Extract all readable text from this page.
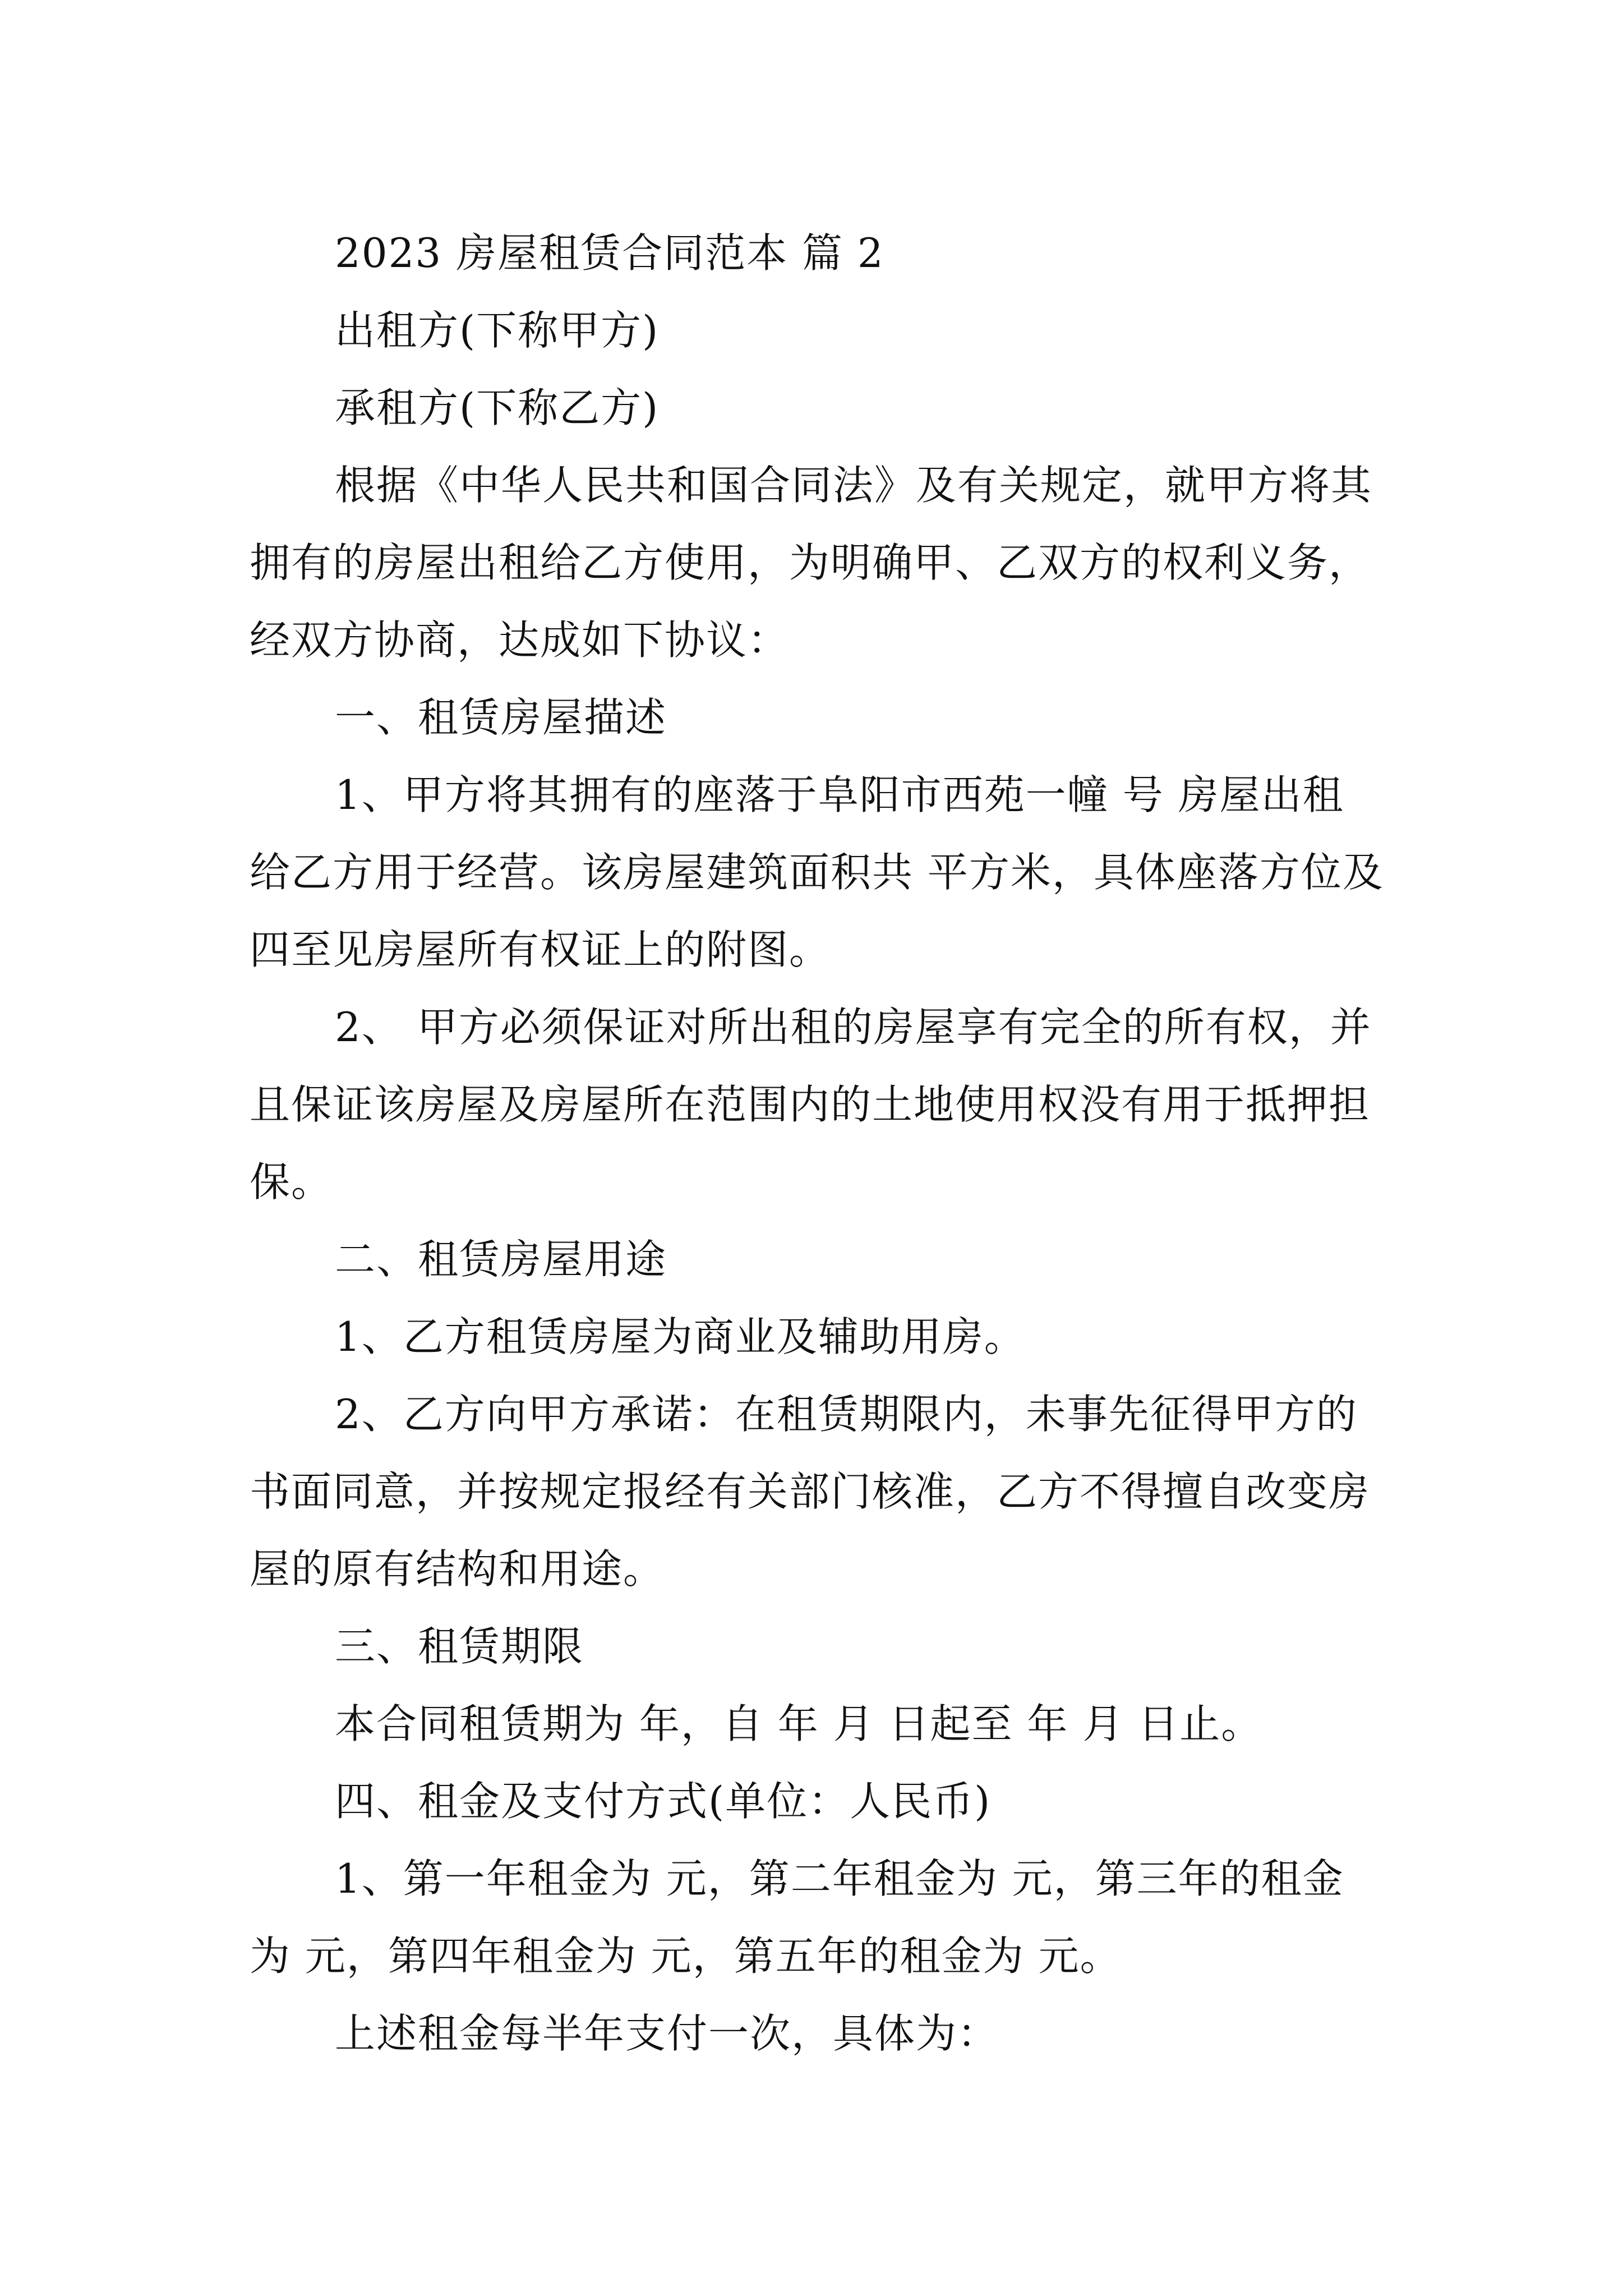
2023 房屋租赁合同范本 篇 2

出租方(下称甲方)

承租方(下称乙方)

根据《中华人民共和国合同法》及有关规定，就甲方将其拥有的房屋出租给乙方使用，为明确甲、乙双方的权利义务，经双方协商，达成如下协议：

一、租赁房屋描述

1、甲方将其拥有的座落于阜阳市西苑一幢 号 房屋出租给乙方用于经营。该房屋建筑面积共 平方米，具体座落方位及四至见房屋所有权证上的附图。

2、 甲方必须保证对所出租的房屋享有完全的所有权，并且保证该房屋及房屋所在范围内的土地使用权没有用于抵押担保。

二、租赁房屋用途

1、乙方租赁房屋为商业及辅助用房。

2、乙方向甲方承诺：在租赁期限内，未事先征得甲方的书面同意，并按规定报经有关部门核准，乙方不得擅自改变房屋的原有结构和用途。

三、租赁期限

本合同租赁期为 年，自 年 月 日起至 年 月 日止。

四、租金及支付方式(单位：人民币)

1、第一年租金为 元，第二年租金为 元，第三年的租金为 元，第四年租金为 元，第五年的租金为 元。

上述租金每半年支付一次，具体为：
